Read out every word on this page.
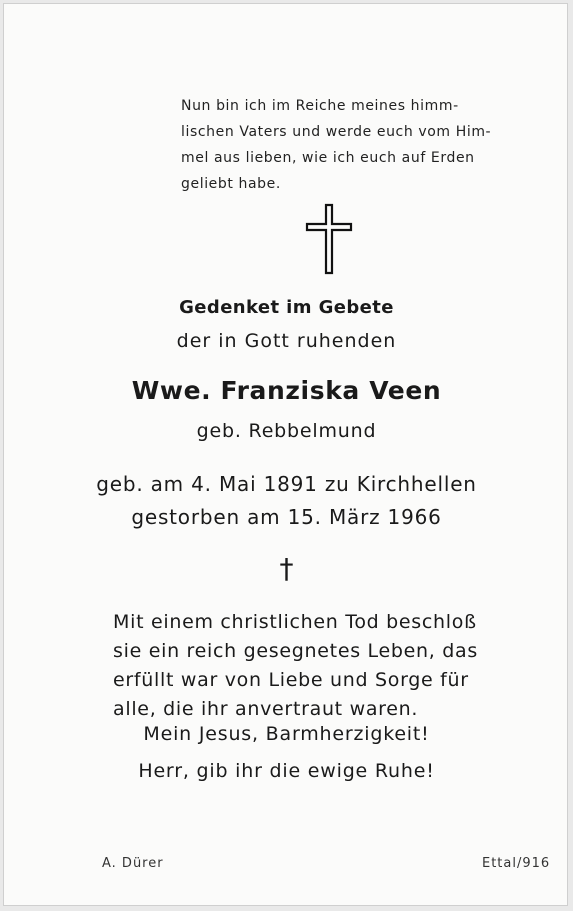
Nun bin ich im Reiche meines himm-
lischen Vaters und werde euch vom Him-
mel aus lieben, wie ich euch auf Erden
geliebt habe.
Gedenket im Gebete
der in Gott ruhenden
Wwe. Franziska Veen
geb. Rebbelmund
geb. am 4. Mai 1891 zu Kirchhellen
gestorben am 15. März 1966
†
Mit einem christlichen Tod beschloß
sie ein reich gesegnetes Leben, das
erfüllt war von Liebe und Sorge für
alle, die ihr anvertraut waren.
Mein Jesus, Barmherzigkeit!
Herr, gib ihr die ewige Ruhe!
A. Dürer	Ettal/916
